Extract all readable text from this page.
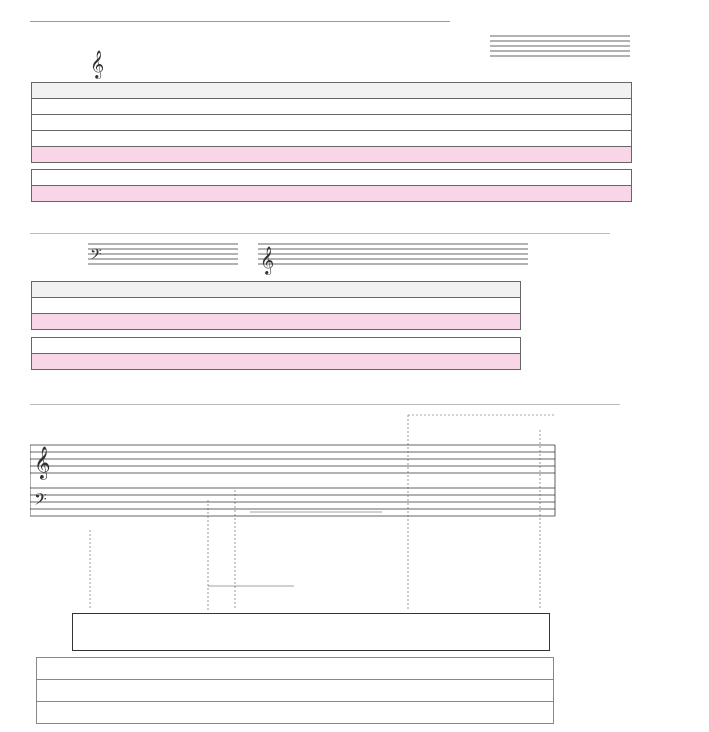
𝄞

𝄢	𝄞

𝄞
𝄢
